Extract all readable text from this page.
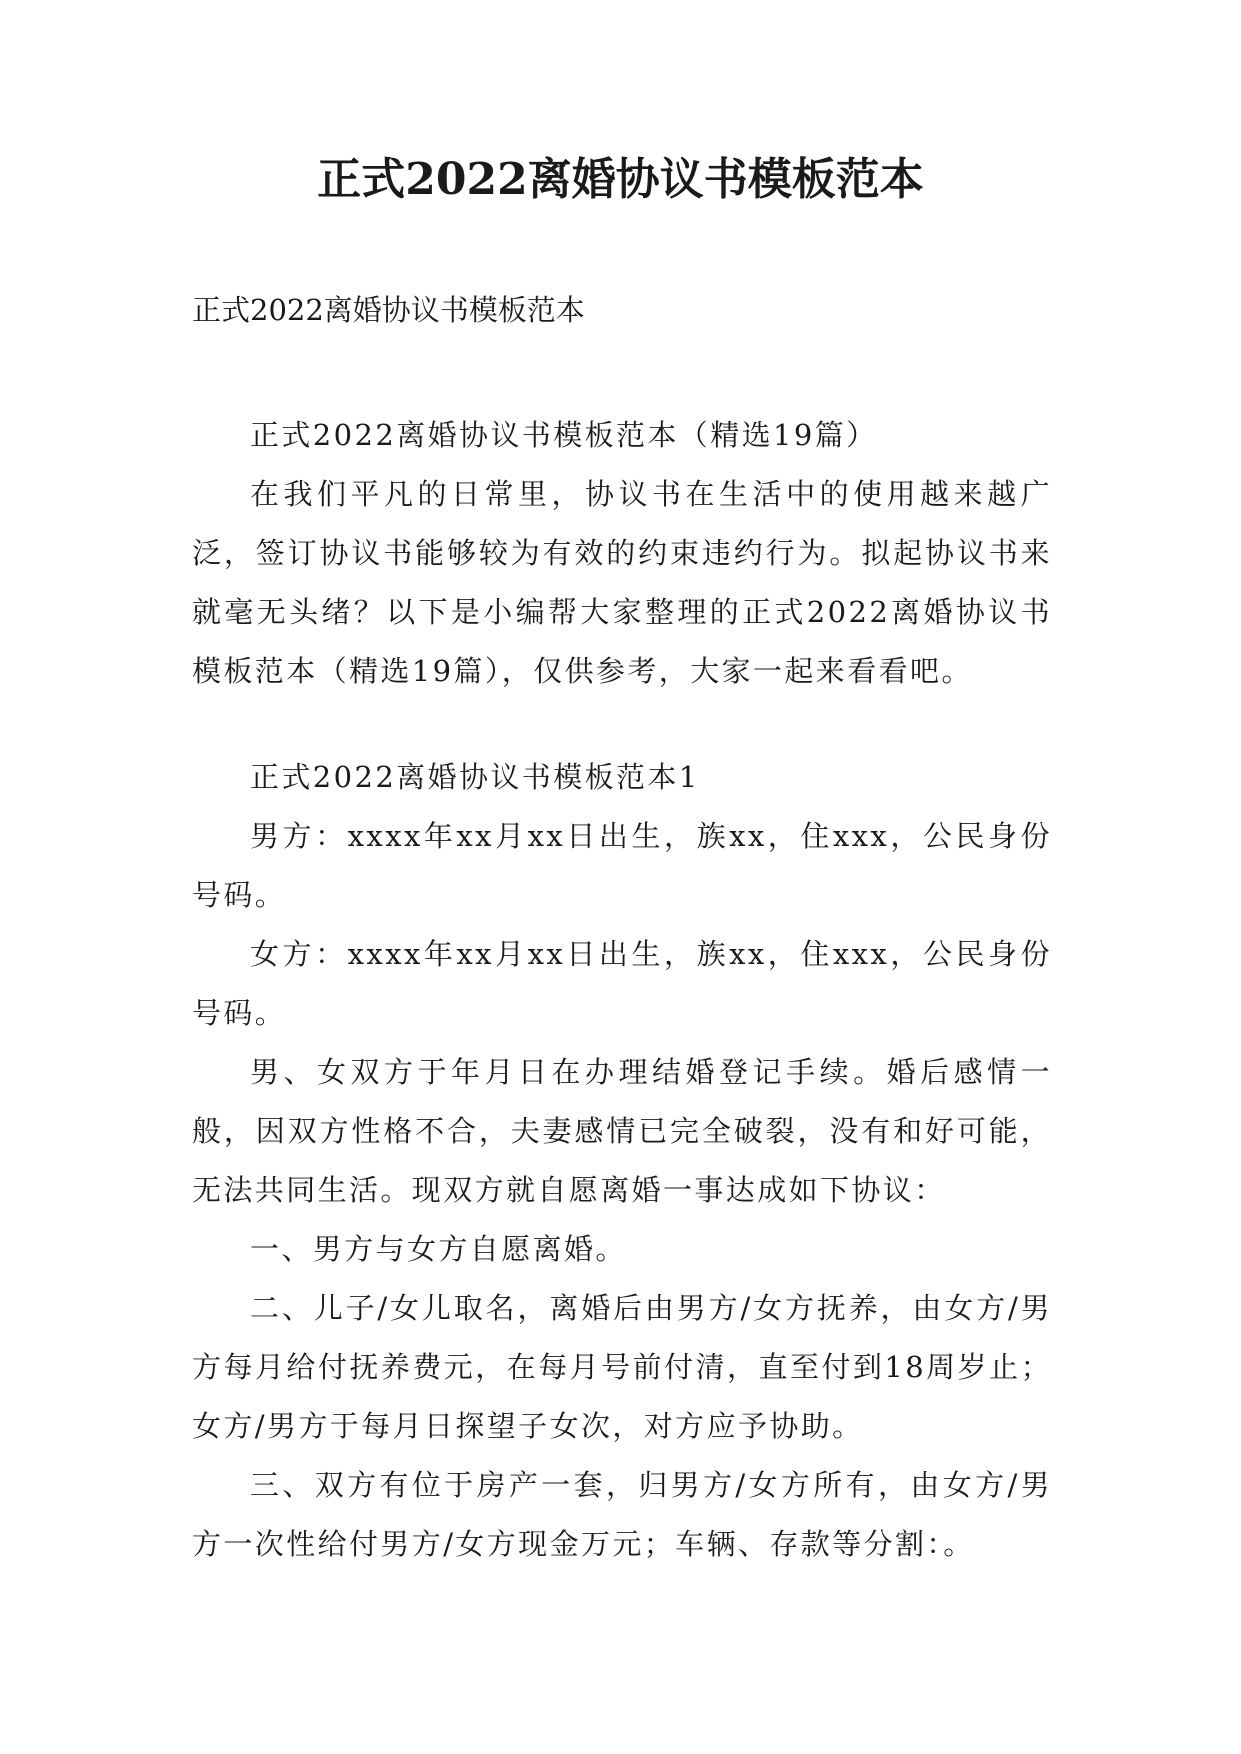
正式2022离婚协议书模板范本

正式2022离婚协议书模板范本

正式2022离婚协议书模板范本（精选19篇）

在我们平凡的日常里，协议书在生活中的使用越来越广泛，签订协议书能够较为有效的约束违约行为。拟起协议书来就毫无头绪？以下是小编帮大家整理的正式2022离婚协议书模板范本（精选19篇），仅供参考，大家一起来看看吧。

正式2022离婚协议书模板范本1

男方：xxxx年xx月xx日出生，族xx，住xxx，公民身份号码。

女方：xxxx年xx月xx日出生，族xx，住xxx，公民身份号码。

男、女双方于年月日在办理结婚登记手续。婚后感情一般，因双方性格不合，夫妻感情已完全破裂，没有和好可能，无法共同生活。现双方就自愿离婚一事达成如下协议：

一、男方与女方自愿离婚。

二、儿子/女儿取名，离婚后由男方/女方抚养，由女方/男方每月给付抚养费元，在每月号前付清，直至付到18周岁止；女方/男方于每月日探望子女次，对方应予协助。

三、双方有位于房产一套，归男方/女方所有，由女方/男方一次性给付男方/女方现金万元；车辆、存款等分割：。
